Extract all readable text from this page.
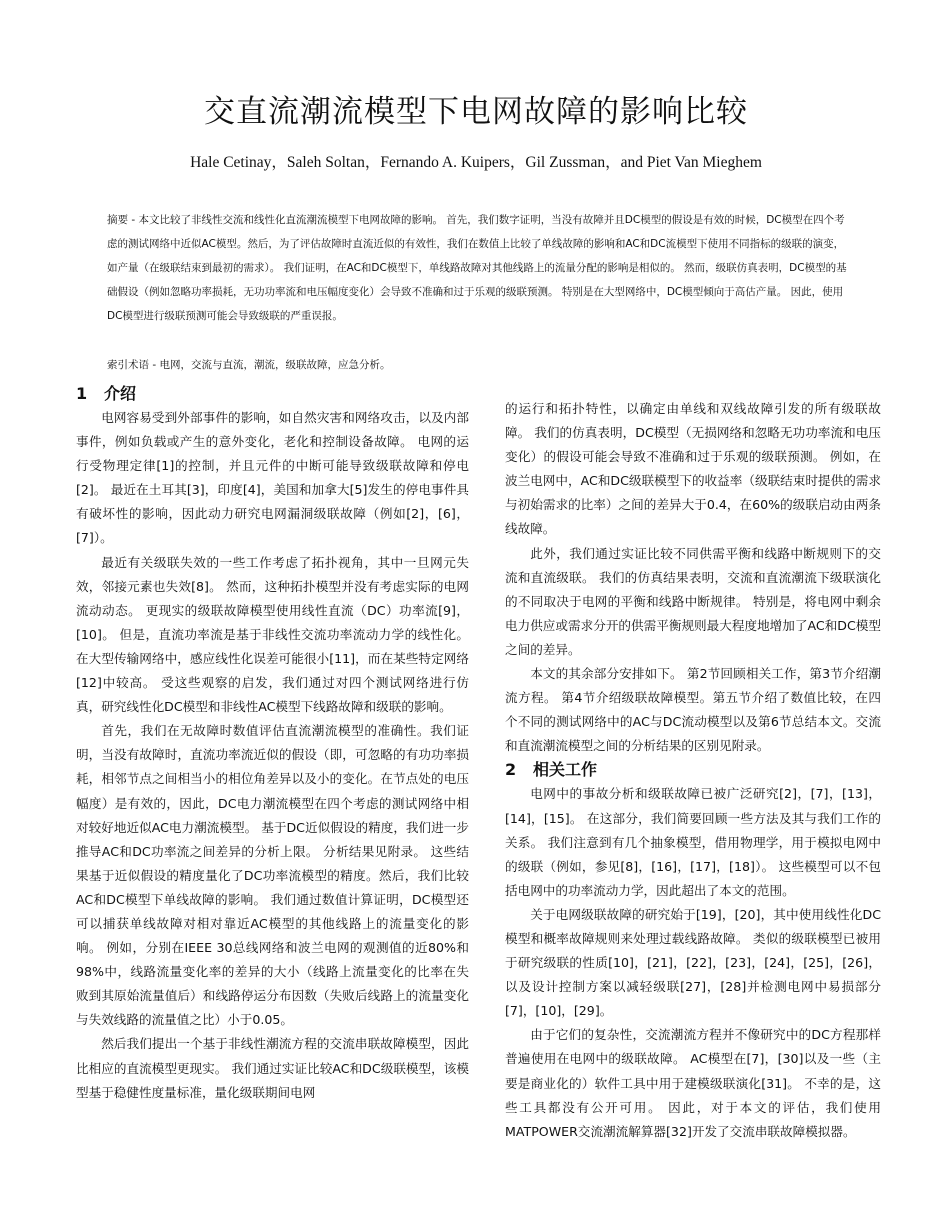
交直流潮流模型下电网故障的影响比较
Hale Cetinay，Saleh Soltan，Fernando A. Kuipers，Gil Zussman，and Piet Van Mieghem

摘要 - 本文比较了非线性交流和线性化直流潮流模型下电网故障的影响。 首先，我们数字证明，当没有故障并且DC模型的假设是有效的时候，DC模型在四个考虑的测试网络中近似AC模型。然后，为了评估故障时直流近似的有效性，我们在数值上比较了单线故障的影响和AC和DC流模型下使用不同指标的级联的演变，如产量（在级联结束到最初的需求）。 我们证明，在AC和DC模型下，单线路故障对其他线路上的流量分配的影响是相似的。 然而，级联仿真表明，DC模型的基础假设（例如忽略功率损耗，无功功率流和电压幅度变化）会导致不准确和过于乐观的级联预测。 特别是在大型网络中，DC模型倾向于高估产量。 因此，使用DC模型进行级联预测可能会导致级联的严重误报。

索引术语 - 电网，交流与直流，潮流，级联故障，应急分析。
1 介绍

电网容易受到外部事件的影响，如自然灾害和网络攻击，以及内部事件，例如负载或产生的意外变化，老化和控制设备故障。 电网的运行受物理定律[1]的控制，并且元件的中断可能导致级联故障和停电[2]。 最近在土耳其[3]，印度[4]，美国和加拿大[5]发生的停电事件具有破坏性的影响，因此动力研究电网漏洞级联故障（例如[2]，[6]，[7]）。

最近有关级联失效的一些工作考虑了拓扑视角，其中一旦网元失效，邻接元素也失效[8]。 然而，这种拓扑模型并没有考虑实际的电网流动动态。 更现实的级联故障模型使用线性直流（DC）功率流[9]，[10]。 但是，直流功率流是基于非线性交流功率流动力学的线性化。 在大型传输网络中，感应线性化误差可能很小[11]，而在某些特定网络[12]中较高。 受这些观察的启发，我们通过对四个测试网络进行仿真，研究线性化DC模型和非线性AC模型下线路故障和级联的影响。

首先，我们在无故障时数值评估直流潮流模型的准确性。我们证明，当没有故障时，直流功率流近似的假设（即，可忽略的有功功率损耗，相邻节点之间相当小的相位角差异以及小的变化。在节点处的电压幅度）是有效的，因此，DC电力潮流模型在四个考虑的测试网络中相对较好地近似AC电力潮流模型。 基于DC近似假设的精度，我们进一步推导AC和DC功率流之间差异的分析上限。 分析结果见附录。 这些结果基于近似假设的精度量化了DC功率流模型的精度。然后，我们比较AC和DC模型下单线故障的影响。 我们通过数值计算证明，DC模型还可以捕获单线故障对相对靠近AC模型的其他线路上的流量变化的影响。 例如，分别在IEEE 30总线网络和波兰电网的观测值的近80%和98%中，线路流量变化率的差异的大小（线路上流量变化的比率在失败到其原始流量值后）和线路停运分布因数（失败后线路上的流量变化与失效线路的流量值之比）小于0.05。

然后我们提出一个基于非线性潮流方程的交流串联故障模型，因此比相应的直流模型更现实。 我们通过实证比较AC和DC级联模型，该模型基于稳健性度量标准，量化级联期间电网

的运行和拓扑特性，以确定由单线和双线故障引发的所有级联故障。 我们的仿真表明，DC模型（无损网络和忽略无功功率流和电压变化）的假设可能会导致不准确和过于乐观的级联预测。 例如，在波兰电网中，AC和DC级联模型下的收益率（级联结束时提供的需求与初始需求的比率）之间的差异大于0.4，在60%的级联启动由两条线故障。

此外，我们通过实证比较不同供需平衡和线路中断规则下的交流和直流级联。 我们的仿真结果表明，交流和直流潮流下级联演化的不同取决于电网的平衡和线路中断规律。 特别是，将电网中剩余电力供应或需求分开的供需平衡规则最大程度地增加了AC和DC模型之间的差异。

本文的其余部分安排如下。 第2节回顾相关工作，第3节介绍潮流方程。 第4节介绍级联故障模型。第五节介绍了数值比较，在四个不同的测试网络中的AC与DC流动模型以及第6节总结本文。交流和直流潮流模型之间的分析结果的区别见附录。

2 相关工作

电网中的事故分析和级联故障已被广泛研究[2]，[7]，[13]，[14]，[15]。 在这部分，我们简要回顾一些方法及其与我们工作的关系。 我们注意到有几个抽象模型，借用物理学，用于模拟电网中的级联（例如，参见[8]，[16]，[17]，[18]）。 这些模型可以不包括电网中的功率流动力学，因此超出了本文的范围。

关于电网级联故障的研究始于[19]，[20]，其中使用线性化DC模型和概率故障规则来处理过载线路故障。 类似的级联模型已被用于研究级联的性质[10]，[21]，[22]，[23]，[24]，[25]，[26]，以及设计控制方案以减轻级联[27]，[28]并检测电网中易损部分[7]，[10]，[29]。

由于它们的复杂性，交流潮流方程并不像研究中的DC方程那样普遍使用在电网中的级联故障。 AC模型在[7]，[30]以及一些（主要是商业化的）软件工具中用于建模级联演化[31]。 不幸的是，这些工具都没有公开可用。 因此，对于本文的评估，我们使用MATPOWER交流潮流解算器[32]开发了交流串联故障模拟器。
